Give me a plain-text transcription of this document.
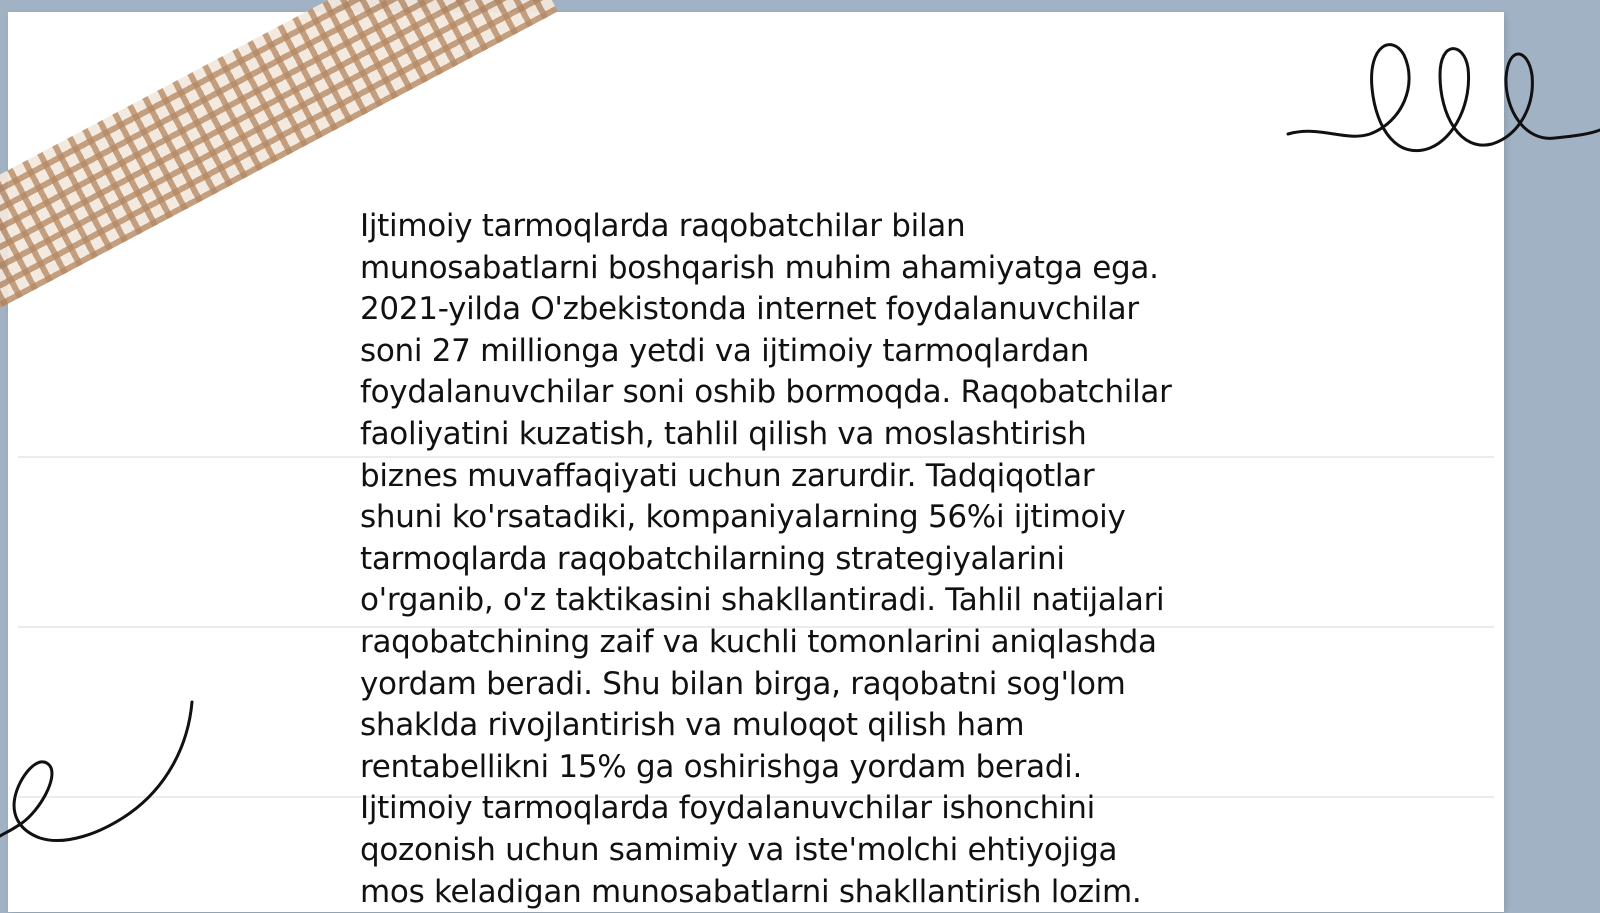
Ijtimoiy tarmoqlarda raqobatchilar bilan
munosabatlarni boshqarish muhim ahamiyatga ega.
2021-yilda O'zbekistonda internet foydalanuvchilar
soni 27 millionga yetdi va ijtimoiy tarmoqlardan
foydalanuvchilar soni oshib bormoqda. Raqobatchilar
faoliyatini kuzatish, tahlil qilish va moslashtirish
biznes muvaffaqiyati uchun zarurdir. Tadqiqotlar
shuni ko'rsatadiki, kompaniyalarning 56%i ijtimoiy
tarmoqlarda raqobatchilarning strategiyalarini
o'rganib, o'z taktikasini shakllantiradi. Tahlil natijalari
raqobatchining zaif va kuchli tomonlarini aniqlashda
yordam beradi. Shu bilan birga, raqobatni sog'lom
shaklda rivojlantirish va muloqot qilish ham
rentabellikni 15% ga oshirishga yordam beradi.
Ijtimoiy tarmoqlarda foydalanuvchilar ishonchini
qozonish uchun samimiy va iste'molchi ehtiyojiga
mos keladigan munosabatlarni shakllantirish lozim.
